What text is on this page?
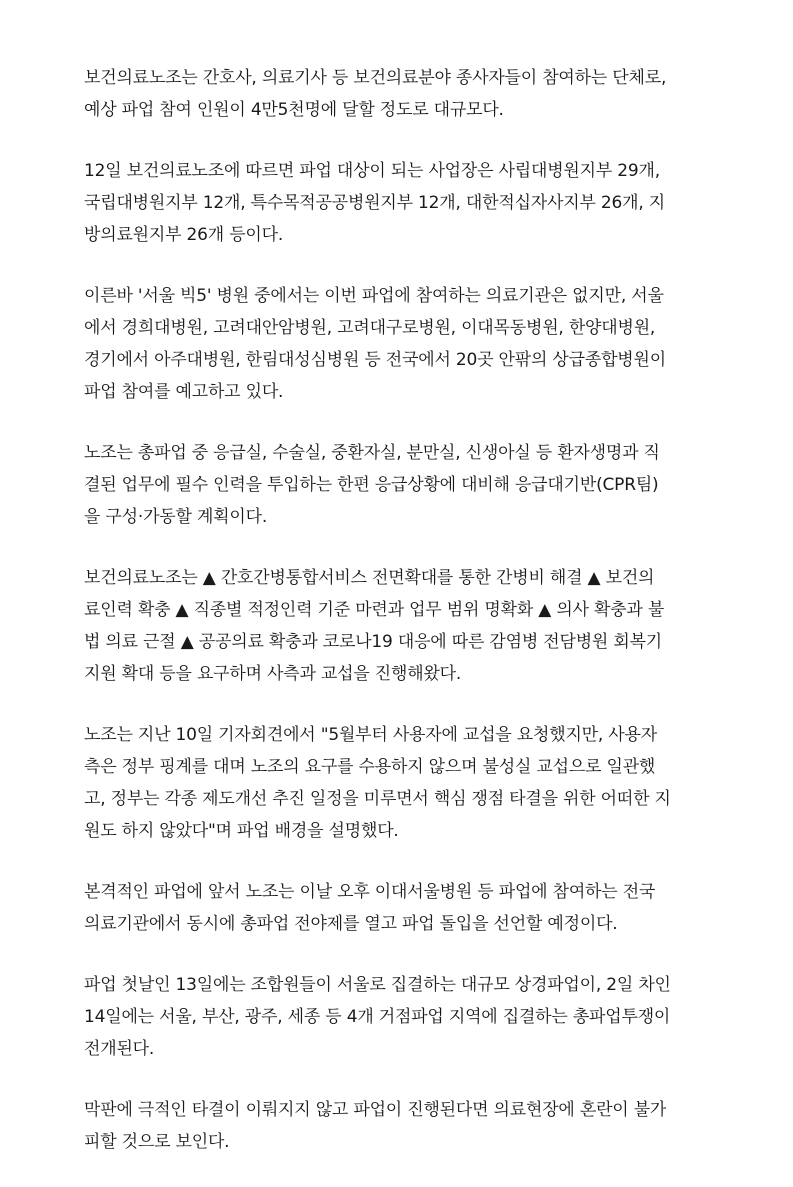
보건의료노조는 간호사, 의료기사 등 보건의료분야 종사자들이 참여하는 단체로,
예상 파업 참여 인원이 4만5천명에 달할 정도로 대규모다.

12일 보건의료노조에 따르면 파업 대상이 되는 사업장은 사립대병원지부 29개,
국립대병원지부 12개, 특수목적공공병원지부 12개, 대한적십자사지부 26개, 지
방의료원지부 26개 등이다.

이른바 '서울 빅5' 병원 중에서는 이번 파업에 참여하는 의료기관은 없지만, 서울
에서 경희대병원, 고려대안암병원, 고려대구로병원, 이대목동병원, 한양대병원,
경기에서 아주대병원, 한림대성심병원 등 전국에서 20곳 안팎의 상급종합병원이
파업 참여를 예고하고 있다.

노조는 총파업 중 응급실, 수술실, 중환자실, 분만실, 신생아실 등 환자생명과 직
결된 업무에 필수 인력을 투입하는 한편 응급상황에 대비해 응급대기반(CPR팀)
을 구성·가동할 계획이다.

보건의료노조는 ▲ 간호간병통합서비스 전면확대를 통한 간병비 해결 ▲ 보건의
료인력 확충 ▲ 직종별 적정인력 기준 마련과 업무 범위 명확화 ▲ 의사 확충과 불
법 의료 근절 ▲ 공공의료 확충과 코로나19 대응에 따른 감염병 전담병원 회복기
지원 확대 등을 요구하며 사측과 교섭을 진행해왔다.

노조는 지난 10일 기자회견에서 "5월부터 사용자에 교섭을 요청했지만, 사용자
측은 정부 핑계를 대며 노조의 요구를 수용하지 않으며 불성실 교섭으로 일관했
고, 정부는 각종 제도개선 추진 일정을 미루면서 핵심 쟁점 타결을 위한 어떠한 지
원도 하지 않았다"며 파업 배경을 설명했다.

본격적인 파업에 앞서 노조는 이날 오후 이대서울병원 등 파업에 참여하는 전국
의료기관에서 동시에 총파업 전야제를 열고 파업 돌입을 선언할 예정이다.

파업 첫날인 13일에는 조합원들이 서울로 집결하는 대규모 상경파업이, 2일 차인
14일에는 서울, 부산, 광주, 세종 등 4개 거점파업 지역에 집결하는 총파업투쟁이
전개된다.

막판에 극적인 타결이 이뤄지지 않고 파업이 진행된다면 의료현장에 혼란이 불가
피할 것으로 보인다.
